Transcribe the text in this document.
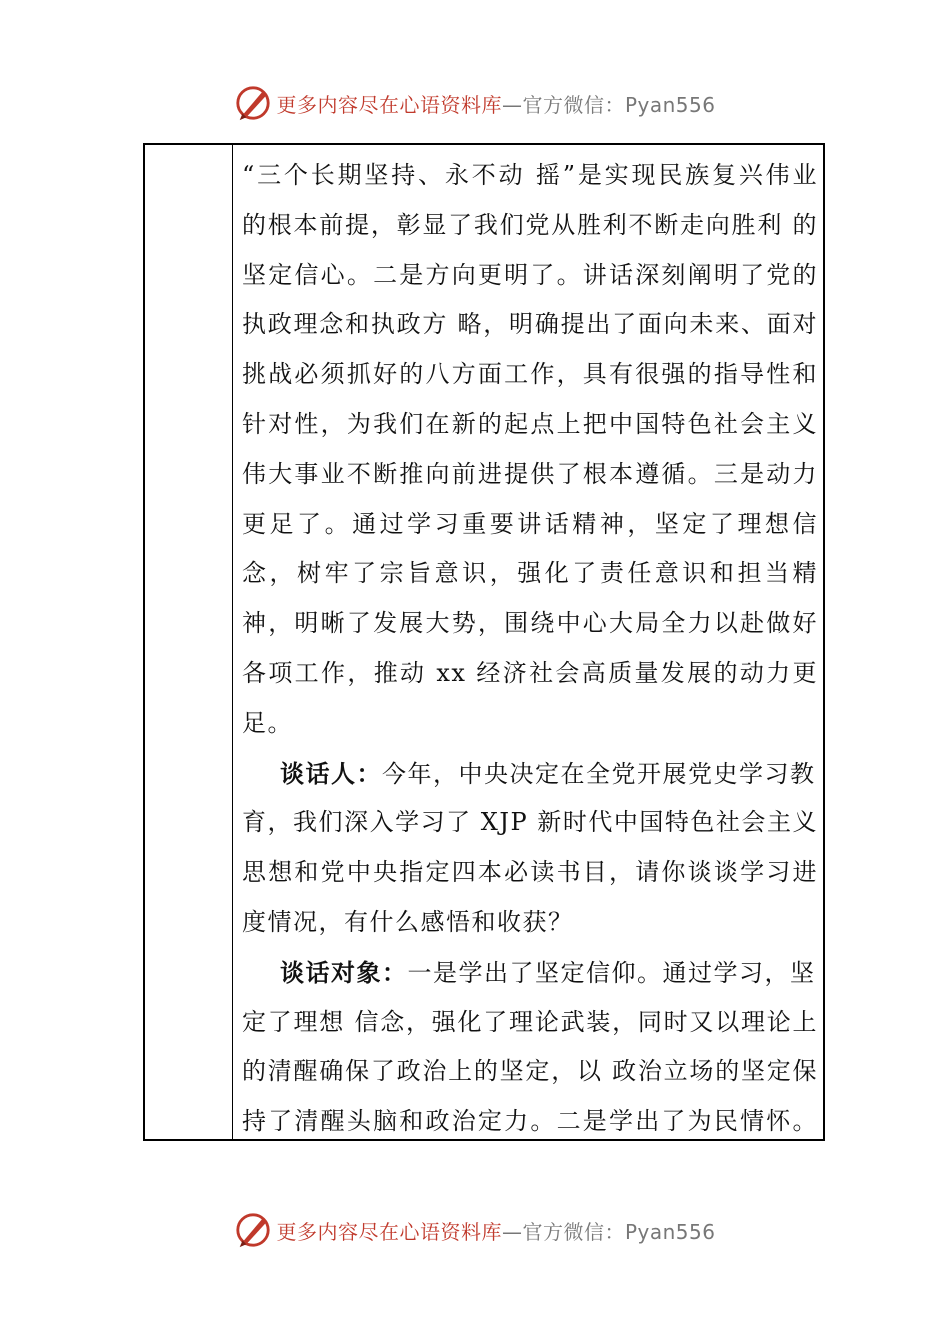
更多内容尽在心语资料库—官方微信：Pyan556
“三个长期坚持、永不动 摇”是实现民族复兴伟业
的根本前提，彰显了我们党从胜利不断走向胜利 的
坚定信心。二是方向更明了。讲话深刻阐明了党的
执政理念和执政方 略，明确提出了面向未来、面对
挑战必须抓好的八方面工作，具有很强的指导性和
针对性，为我们在新的起点上把中国特色社会主义
伟大事业不断推向前进提供了根本遵循。三是动力
更足了。通过学习重要讲话精神，坚定了理想信
念，树牢了宗旨意识，强化了责任意识和担当精
神，明晰了发展大势，围绕中心大局全力以赴做好
各项工作，推动 xx 经济社会高质量发展的动力更
足。
谈话人：今年，中央决定在全党开展党史学习教
育，我们深入学习了 XJP 新时代中国特色社会主义
思想和党中央指定四本必读书目，请你谈谈学习进
度情况，有什么感悟和收获？
谈话对象：一是学出了坚定信仰。通过学习，坚
定了理想 信念，强化了理论武装，同时又以理论上
的清醒确保了政治上的坚定，以 政治立场的坚定保
持了清醒头脑和政治定力。二是学出了为民情怀。
更多内容尽在心语资料库—官方微信：Pyan556
